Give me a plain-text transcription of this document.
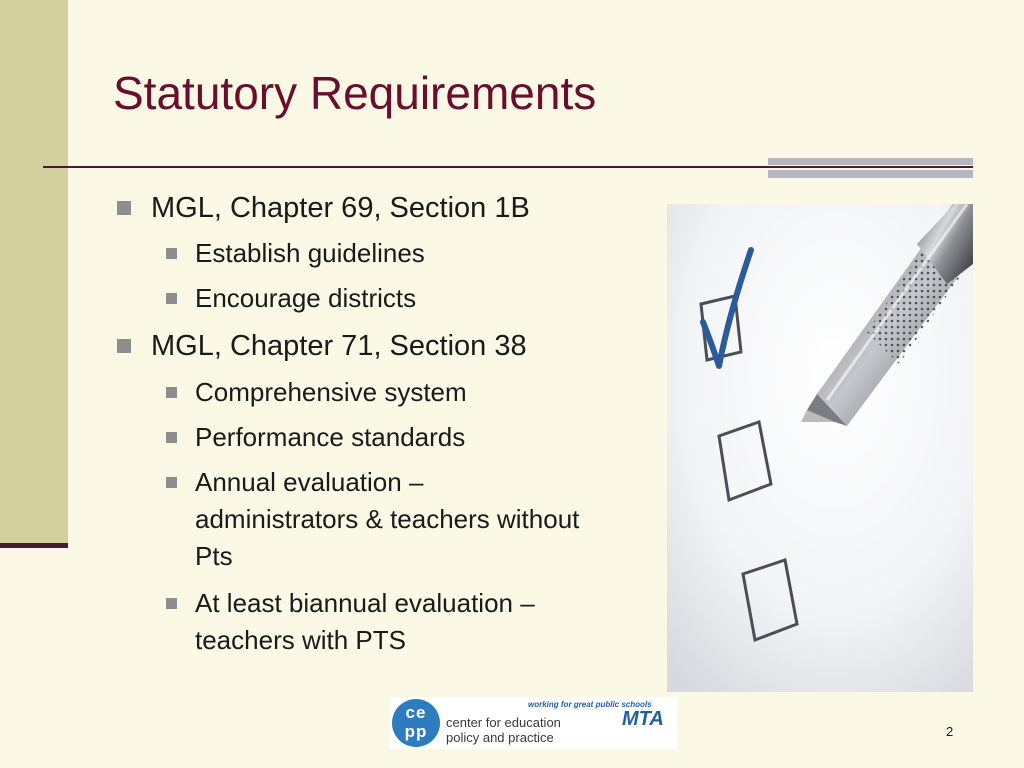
Statutory Requirements
MGL, Chapter 69, Section 1B
Establish guidelines
Encourage districts
MGL, Chapter 71, Section 38
Comprehensive system
Performance standards
Annual evaluation –
administrators & teachers without
Pts
At least biannual evaluation –
teachers with PTS
ce
pp	center for education
policy and practice
working for great public schools
MTA
2
